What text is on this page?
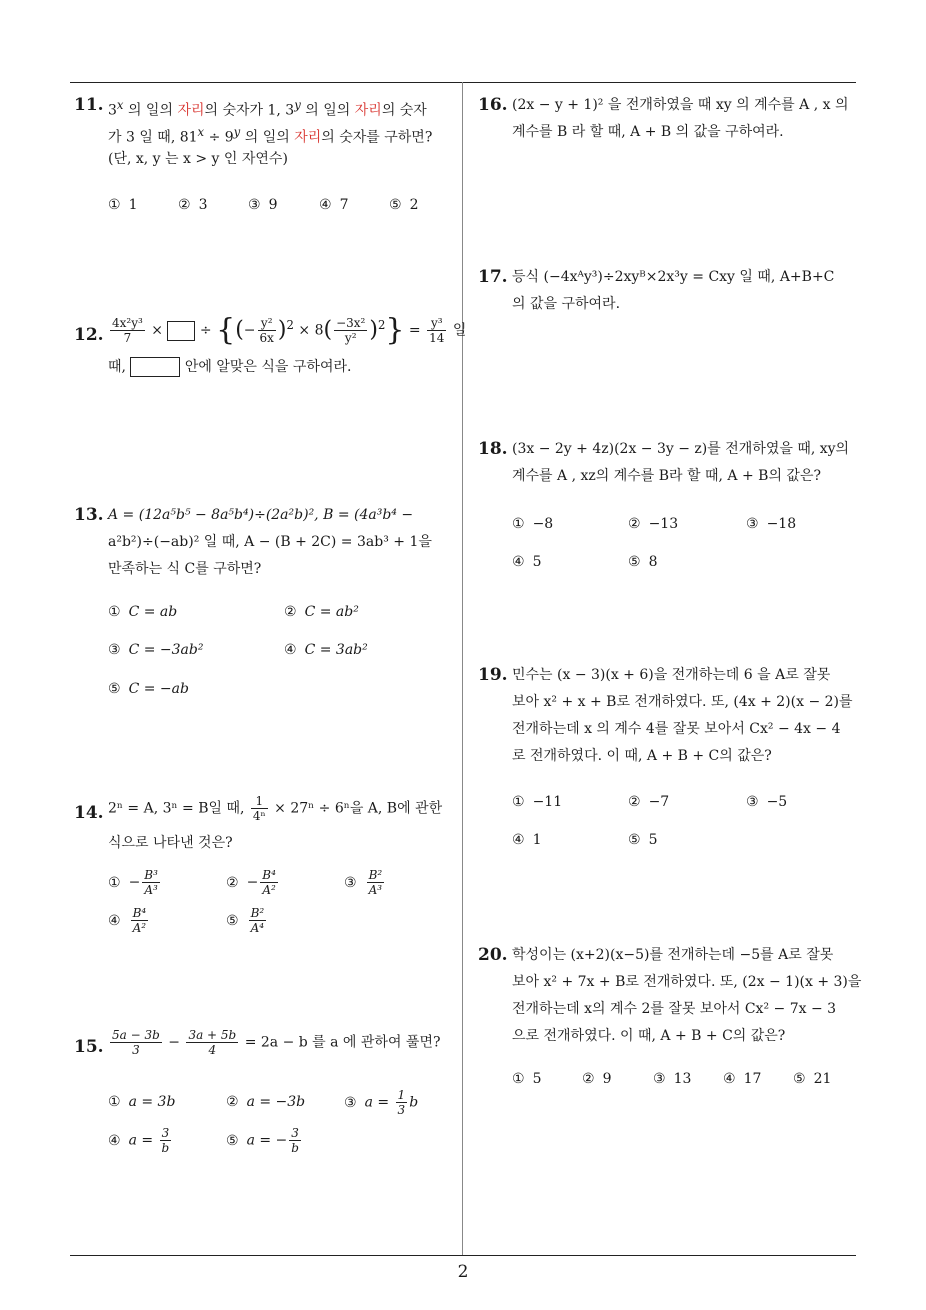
2
11. 3$^x$ 의 일의 자리의 숫자가 1, 3$^y$ 의 일의 자리의 숫자
가 3 일 때, $81^x \div 9^y$ 의 일의 자리의 숫자를 구하면?
(단, x, y 는 x > y 인 자연수)
① 1	② 3	③ 9	④ 7	⑤ 2
12. $\frac{\text{4x²y³}}{7}$ ×	÷ {(− $\frac{\text{y²}}{6x} )^2 \times 8( \frac{\text{−3x²}}{\text{y²}} )^2\} = \frac{\text{y³}}{14}$ 일
때,	안에 알맞은 식을 구하여라.
13. A = (12a⁵b⁵ − 8a⁵b⁴)÷(2a²b)², B = (4a³b⁴ −
a²b²)÷(−ab)² 일 때, A − (B + 2C) = 3ab³ + 1을
만족하는 식 C를 구하면?
① C = ab	② C = ab²
③ C = −3ab²	④ C = 3ab²
⑤ C = −ab
14. 2ⁿ = A, 3ⁿ = B일 때, $\frac{1}{\text{4ⁿ}} \times 27^n \div 6^n$을 A, B에 관한
식으로 나타낸 것은?
① − $\frac{\text{B³}}{\text{A³}}$	② − $\frac{\text{B⁴}}{\text{A²}}$	③ $\frac{\text{B²}}{\text{A³}}$
④ $\frac{\text{B⁴}}{\text{A²}}$	⑤ $\frac{\text{B²}}{\text{A⁴}}$
15. $\frac{5a - 3b}{3} - \frac{3a + 5b}{4} = 2a - b$ 를 a 에 관하여 풀면?
① a = 3b	② a = −3b	③ $a = \frac{1}{3}$ b
④ $a = \frac{3}{b}$	⑤ a = − $\frac{3}{b}$
16. (2x − y + 1)² 을 전개하였을 때 xy 의 계수를 A , x 의
계수를 B 라 할 때, A + B 의 값을 구하여라.
17. 등식 (−4xᴬy³)÷2xyᴮ×2x³y = Cxy 일 때, A+B+C
의 값을 구하여라.
18. (3x − 2y + 4z)(2x − 3y − z)를 전개하였을 때, xy의
계수를 A , xz의 계수를 B라 할 때, A + B의 값은?
① −8	② −13	③ −18
④ 5	⑤ 8
19. 민수는 (x − 3)(x + 6)을 전개하는데 6 을 A로 잘못
보아 x² + x + B로 전개하였다. 또, (4x + 2)(x − 2)를
전개하는데 x 의 계수 4를 잘못 보아서 Cx² − 4x − 4
로 전개하였다. 이 때, A + B + C의 값은?
① −11	② −7	③ −5
④ 1	⑤ 5
20. 학성이는 (x+2)(x−5)를 전개하는데 −5를 A로 잘못
보아 x² + 7x + B로 전개하였다. 또, (2x − 1)(x + 3)을
전개하는데 x의 계수 2를 잘못 보아서 Cx² − 7x − 3
으로 전개하였다. 이 때, A + B + C의 값은?
① 5	② 9	③ 13 ④ 17 ⑤ 21
